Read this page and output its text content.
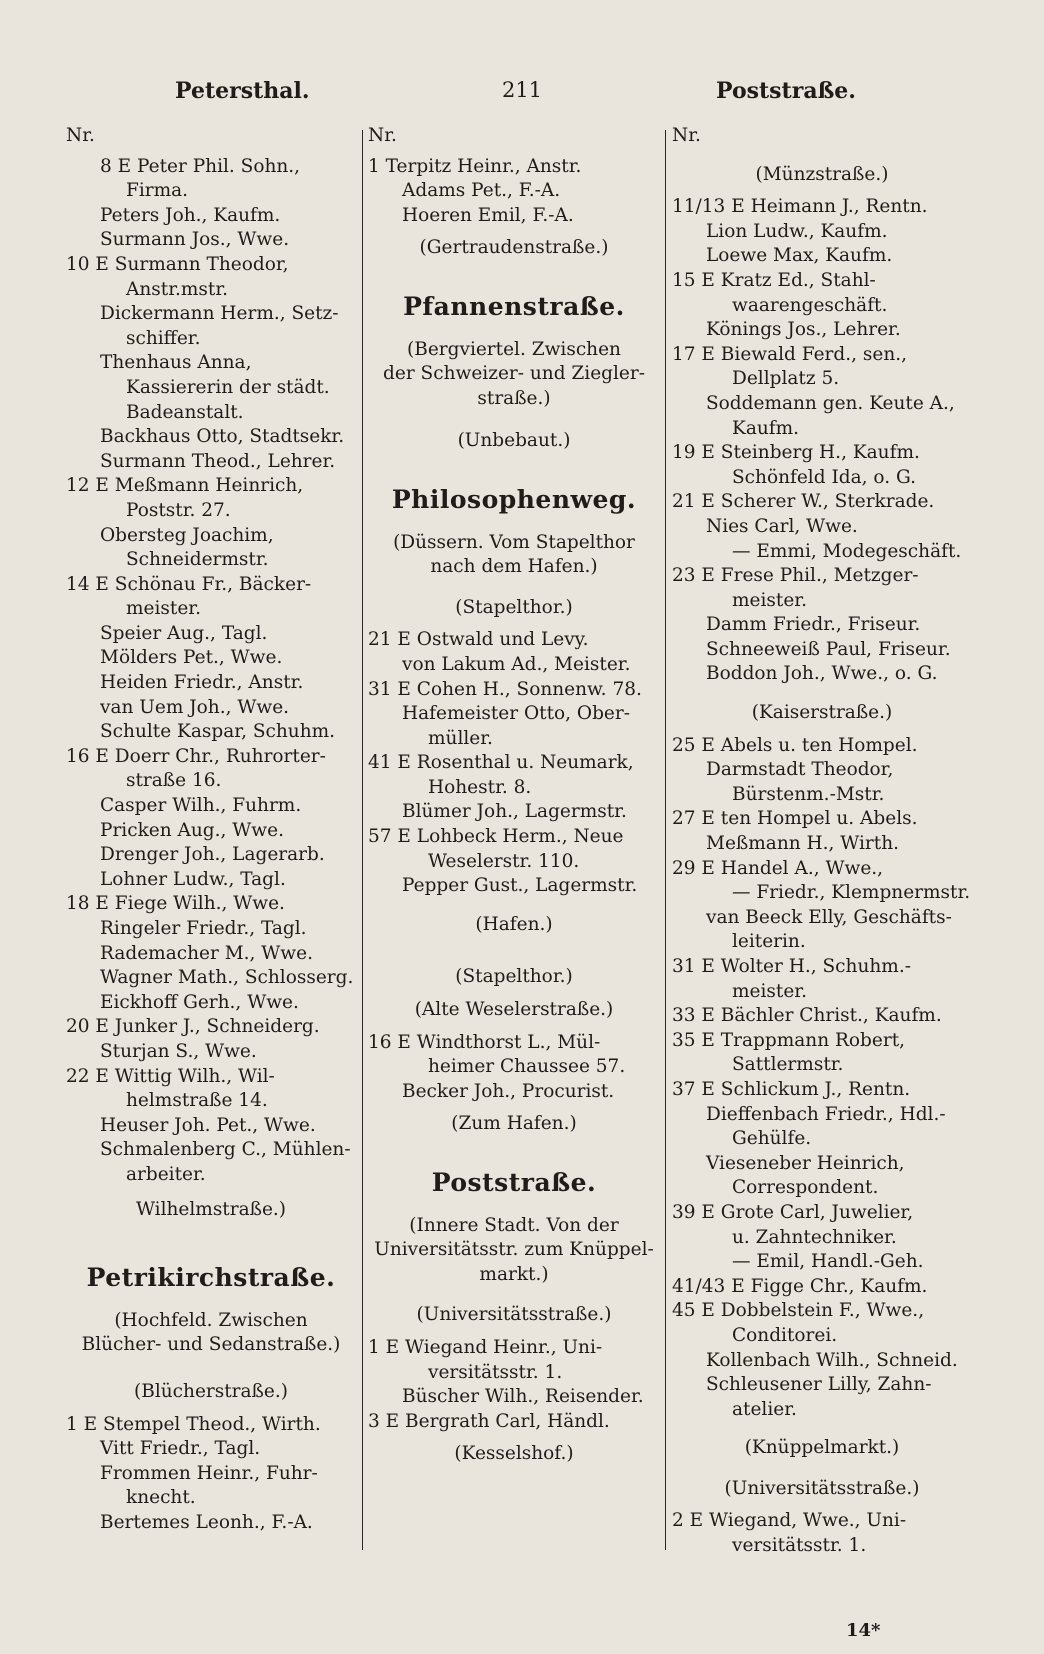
Petersthal.	211	Poststraße.
Nr.
8 E Peter Phil. Sohn.,
Firma.
Peters Joh., Kaufm.
Surmann Jos., Wwe.
10 E Surmann Theodor,
Anstr.mstr.
Dickermann Herm., Setz-
schiffer.
Thenhaus Anna,
Kassiererin der städt.
Badeanstalt.
Backhaus Otto, Stadtsekr.
Surmann Theod., Lehrer.
12 E Meßmann Heinrich,
Poststr. 27.
Obersteg Joachim,
Schneidermstr.
14 E Schönau Fr., Bäcker-
meister.
Speier Aug., Tagl.
Mölders Pet., Wwe.
Heiden Friedr., Anstr.
van Uem Joh., Wwe.
Schulte Kaspar, Schuhm.
16 E Doerr Chr., Ruhrorter-
straße 16.
Casper Wilh., Fuhrm.
Pricken Aug., Wwe.
Drenger Joh., Lagerarb.
Lohner Ludw., Tagl.
18 E Fiege Wilh., Wwe.
Ringeler Friedr., Tagl.
Rademacher M., Wwe.
Wagner Math., Schlosserg.
Eickhoff Gerh., Wwe.
20 E Junker J., Schneiderg.
Sturjan S., Wwe.
22 E Wittig Wilh., Wil-
helmstraße 14.
Heuser Joh. Pet., Wwe.
Schmalenberg C., Mühlen-
arbeiter.
Wilhelmstraße.)
Petrikirchstraße.
(Hochfeld. Zwischen
Blücher- und Sedanstraße.)
(Blücherstraße.)
1 E Stempel Theod., Wirth.
Vitt Friedr., Tagl.
Frommen Heinr., Fuhr-
knecht.
Bertemes Leonh., F.-A.
Nr.
1 Terpitz Heinr., Anstr.
Adams Pet., F.-A.
Hoeren Emil, F.-A.
(Gertraudenstraße.)
Pfannenstraße.
(Bergviertel. Zwischen
der Schweizer- und Ziegler-
straße.)
(Unbebaut.)
Philosophenweg.
(Düssern. Vom Stapelthor
nach dem Hafen.)
(Stapelthor.)
21 E Ostwald und Levy.
von Lakum Ad., Meister.
31 E Cohen H., Sonnenw. 78.
Hafemeister Otto, Ober-
müller.
41 E Rosenthal u. Neumark,
Hohestr. 8.
Blümer Joh., Lagermstr.
57 E Lohbeck Herm., Neue
Weselerstr. 110.
Pepper Gust., Lagermstr.
(Hafen.)
(Stapelthor.)
(Alte Weselerstraße.)
16 E Windthorst L., Mül-
heimer Chaussee 57.
Becker Joh., Procurist.
(Zum Hafen.)
Poststraße.
(Innere Stadt. Von der
Universitätsstr. zum Knüppel-
markt.)
(Universitätsstraße.)
1 E Wiegand Heinr., Uni-
versitätsstr. 1.
Büscher Wilh., Reisender.
3 E Bergrath Carl, Händl.
(Kesselshof.)
Nr.
(Münzstraße.)
11/13 E Heimann J., Rentn.
Lion Ludw., Kaufm.
Loewe Max, Kaufm.
15 E Kratz Ed., Stahl-
waarengeschäft.
Könings Jos., Lehrer.
17 E Biewald Ferd., sen.,
Dellplatz 5.
Soddemann gen. Keute A.,
Kaufm.
19 E Steinberg H., Kaufm.
Schönfeld Ida, o. G.
21 E Scherer W., Sterkrade.
Nies Carl, Wwe.
— Emmi, Modegeschäft.
23 E Frese Phil., Metzger-
meister.
Damm Friedr., Friseur.
Schneeweiß Paul, Friseur.
Boddon Joh., Wwe., o. G.
(Kaiserstraße.)
25 E Abels u. ten Hompel.
Darmstadt Theodor,
Bürstenm.-Mstr.
27 E ten Hompel u. Abels.
Meßmann H., Wirth.
29 E Handel A., Wwe.,
— Friedr., Klempnermstr.
van Beeck Elly, Geschäfts-
leiterin.
31 E Wolter H., Schuhm.-
meister.
33 E Bächler Christ., Kaufm.
35 E Trappmann Robert,
Sattlermstr.
37 E Schlickum J., Rentn.
Dieffenbach Friedr., Hdl.-
Gehülfe.
Vieseneber Heinrich,
Correspondent.
39 E Grote Carl, Juwelier,
u. Zahntechniker.
— Emil, Handl.-Geh.
41/43 E Figge Chr., Kaufm.
45 E Dobbelstein F., Wwe.,
Conditorei.
Kollenbach Wilh., Schneid.
Schleusener Lilly, Zahn-
atelier.
(Knüppelmarkt.)
(Universitätsstraße.)
2 E Wiegand, Wwe., Uni-
versitätsstr. 1.
14*
